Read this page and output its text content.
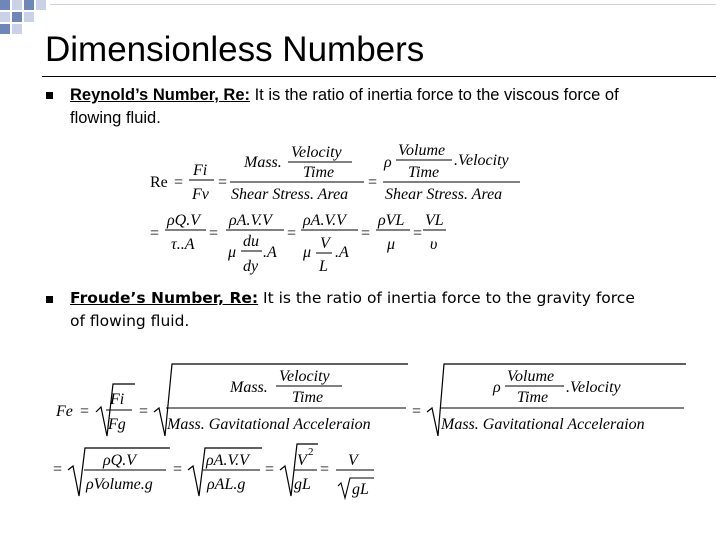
Dimensionless Numbers
Reynold’s Number, Re: It is the ratio of inertia force to the viscous force of
flowing fluid.
Froude’s Number, Re: It is the ratio of inertia force to the gravity force
of flowing fluid.
Re =
Fi
Fv
=
Mass.
Velocity
Time
Shear Stress. Area
=
ρ
Volume
Time
.Velocity
Shear Stress. Area
=
ρQ.V
τ..A
=
ρA.V.V
μ
du
dy
.A
=
ρA.V.V
μ
V
L
.A
=
ρVL
μ
=
VL
υ
Fe =
Fi
Fg
=
Mass.
Velocity
Time
Mass. Gavitational Acceleraion
=
ρ
Volume
Time
.Velocity
Mass. Gavitational Acceleraion
=
ρQ.V
ρVolume.g
=
ρA.V.V
ρAL.g
=
V 2
gL
=
V
gL
